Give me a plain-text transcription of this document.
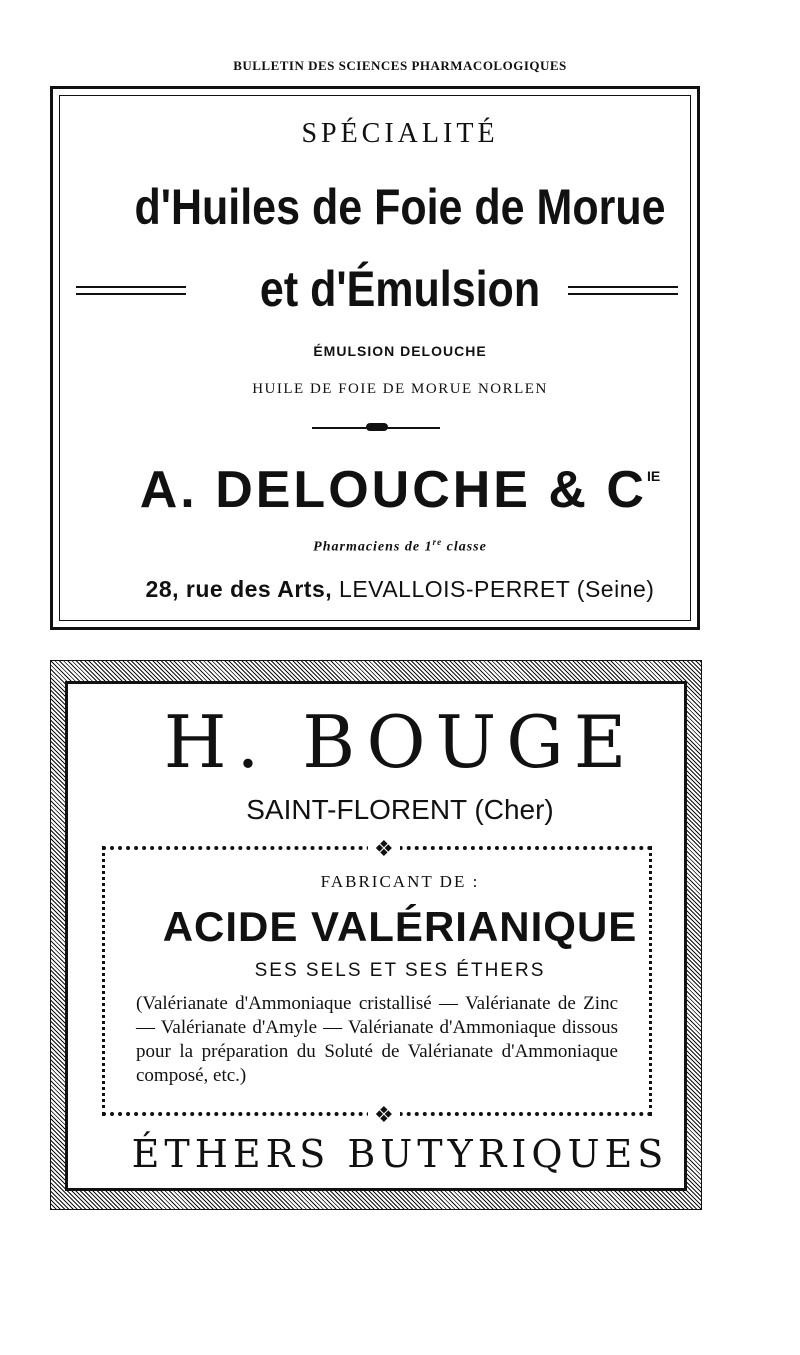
BULLETIN DES SCIENCES PHARMACOLOGIQUES
SPÉCIALITÉ
d'Huiles de Foie de Morue
et d'Émulsion
ÉMULSION DELOUCHE
HUILE DE FOIE DE MORUE NORLEN
A. DELOUCHE & $C^{IE}$
Pharmaciens de 1re classe
28, rue des Arts, LEVALLOIS-PERRET (Seine)
H. BOUGE
SAINT-FLORENT (Cher)
❖
FABRICANT DE :
ACIDE VALÉRIANIQUE
SES SELS ET SES ÉTHERS
(Valérianate d'Ammoniaque cristallisé — Valérianate de Zinc — Valérianate d'Amyle — Valérianate d'Ammoniaque dissous pour la préparation du Soluté de Valérianate d'Ammoniaque composé, etc.)
❖
ÉTHERS BUTYRIQUES
